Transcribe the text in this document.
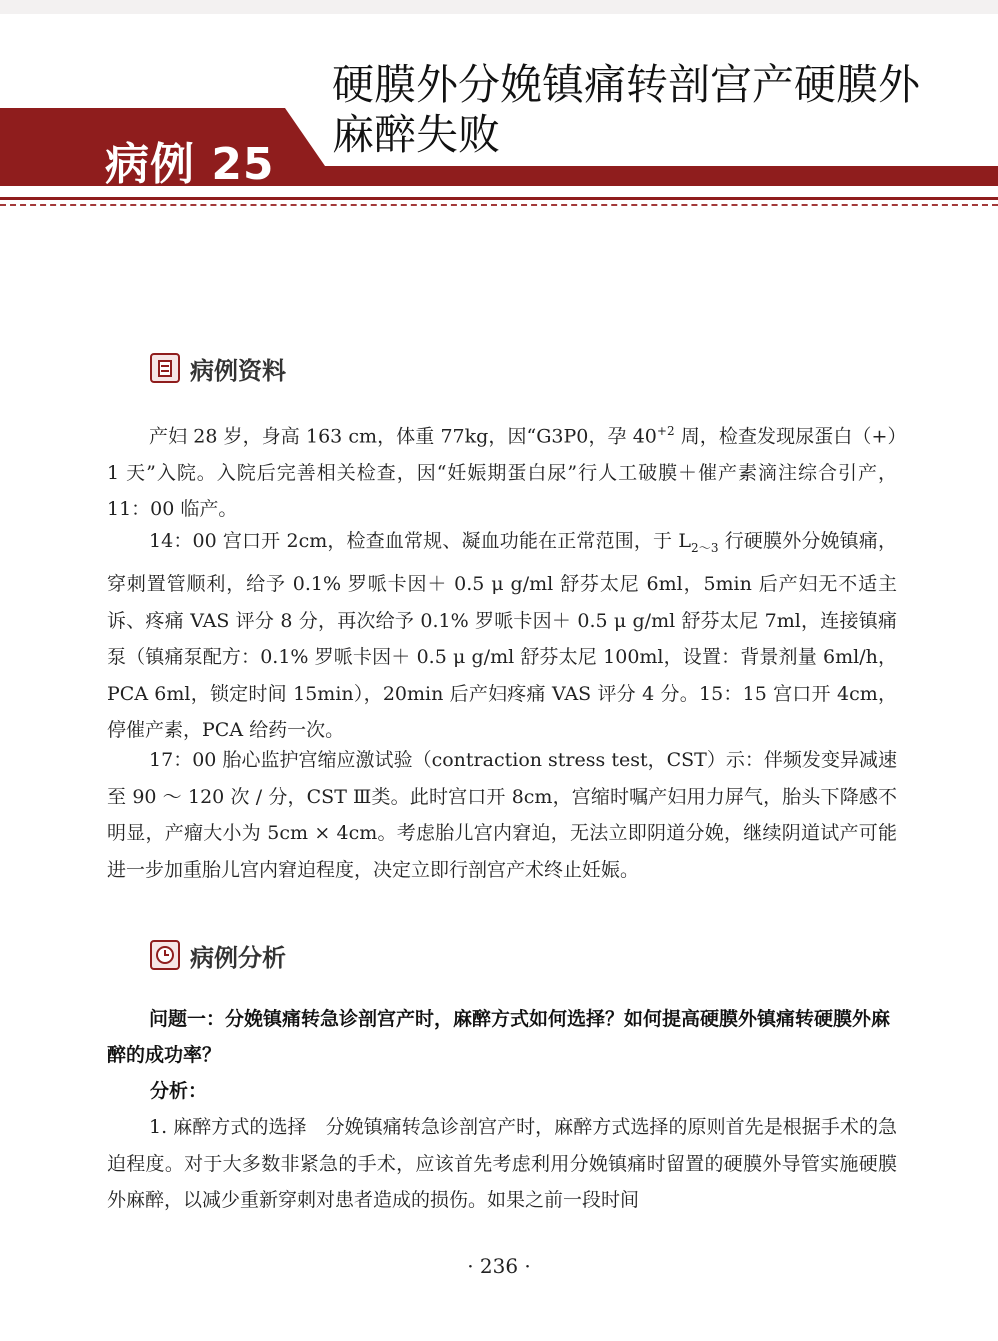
病例 25
硬膜外分娩镇痛转剖宫产硬膜外麻醉失败
病例资料
产妇 28 岁，身高 163 cm，体重 77kg，因“G3P0，孕 $40^{+2}$ 周，检查发现尿蛋白（+）1 天”入院。入院后完善相关检查，因“妊娠期蛋白尿”行人工破膜＋催产素滴注综合引产，11：00 临产。
14：00 宫口开 2cm，检查血常规、凝血功能在正常范围，于 $L_{2\sim 3}$ 行硬膜外分娩镇痛，穿刺置管顺利，给予 0.1% 罗哌卡因＋ 0.5 μ g/ml 舒芬太尼 6ml，5min 后产妇无不适主诉、疼痛 VAS 评分 8 分，再次给予 0.1% 罗哌卡因＋ 0.5 μ g/ml 舒芬太尼 7ml，连接镇痛泵（镇痛泵配方：0.1% 罗哌卡因＋ 0.5 μ g/ml 舒芬太尼 100ml，设置：背景剂量 6ml/h，PCA 6ml，锁定时间 15min），20min 后产妇疼痛 VAS 评分 4 分。15：15 宫口开 4cm，停催产素，PCA 给药一次。
17：00 胎心监护宫缩应激试验（contraction stress test，CST）示：伴频发变异减速至 90 ～ 120 次 / 分，CST Ⅲ类。此时宫口开 8cm，宫缩时嘱产妇用力屏气，胎头下降感不明显，产瘤大小为 5cm × 4cm。考虑胎儿宫内窘迫，无法立即阴道分娩，继续阴道试产可能进一步加重胎儿宫内窘迫程度，决定立即行剖宫产术终止妊娠。
病例分析
问题一：分娩镇痛转急诊剖宫产时，麻醉方式如何选择？如何提高硬膜外镇痛转硬膜外麻醉的成功率？
分析：
1. 麻醉方式的选择　分娩镇痛转急诊剖宫产时，麻醉方式选择的原则首先是根据手术的急迫程度。对于大多数非紧急的手术，应该首先考虑利用分娩镇痛时留置的硬膜外导管实施硬膜外麻醉，以减少重新穿刺对患者造成的损伤。如果之前一段时间
· 236 ·
